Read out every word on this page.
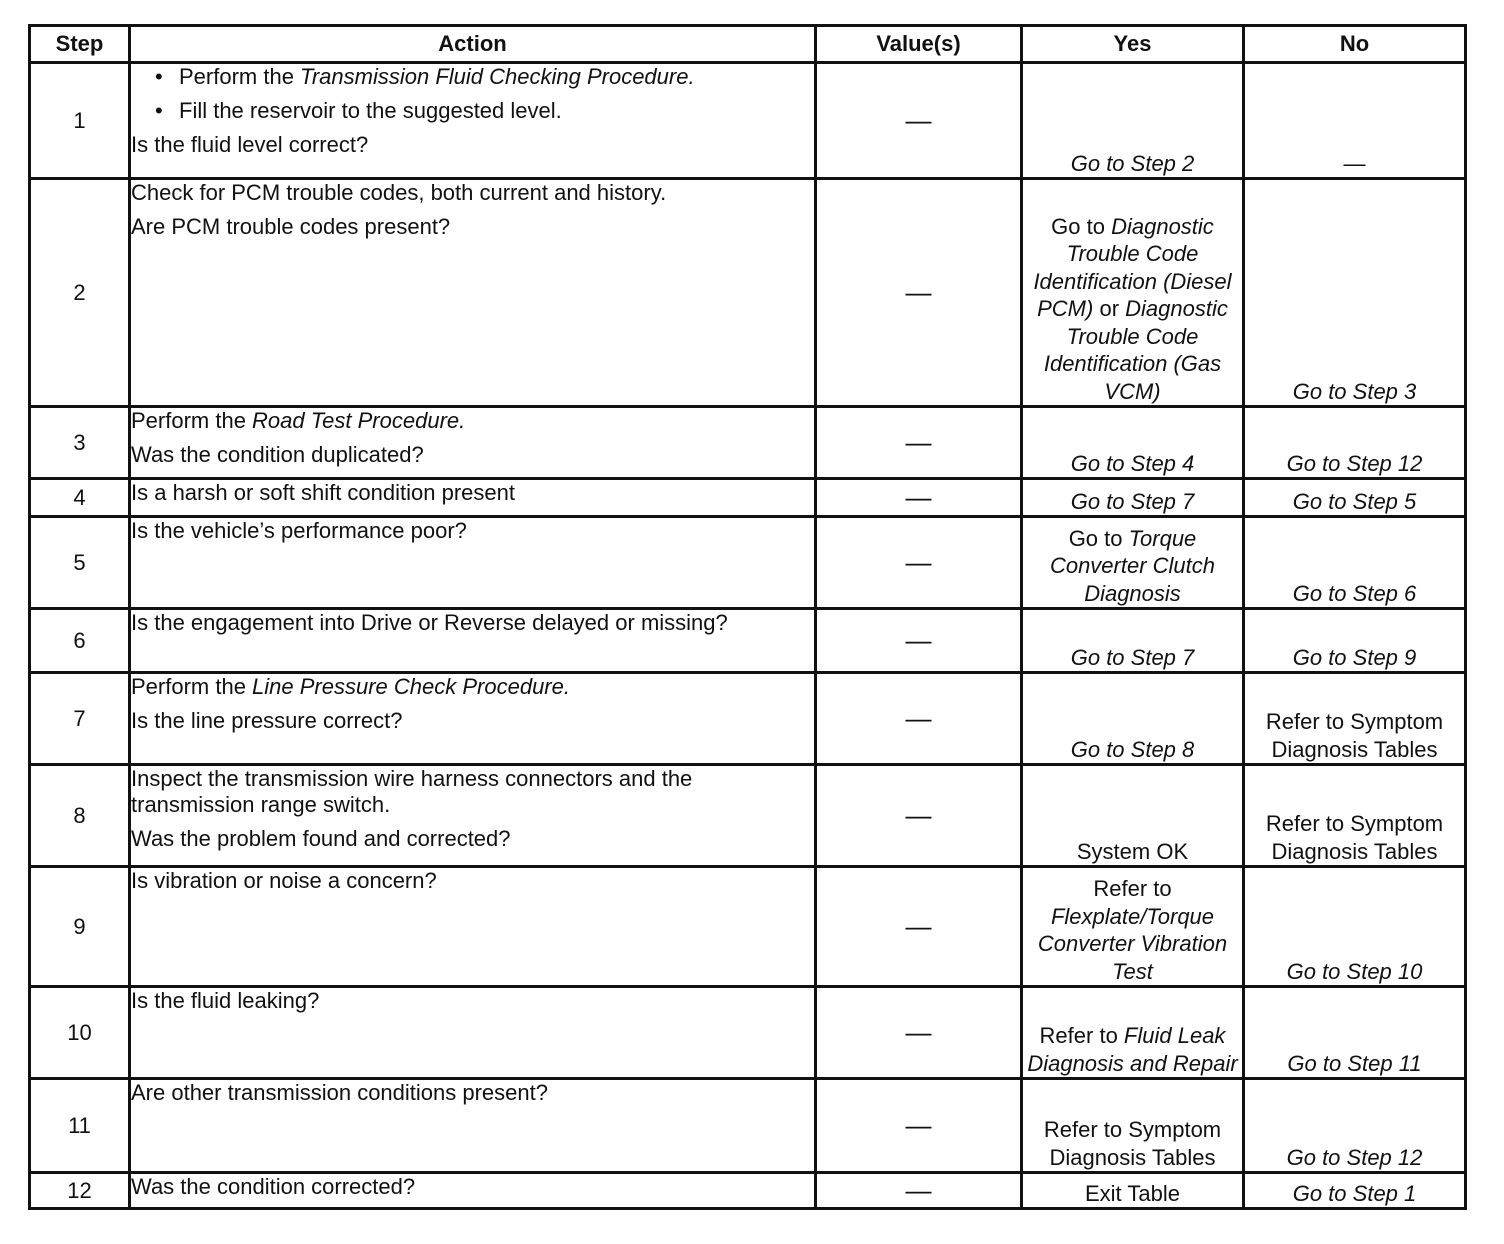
Step	Action	Value(s)	Yes	No
1	• Perform the Transmission Fluid Checking Procedure.
• Fill the reservoir to the suggested level.
Is the fluid level correct?	—	Go to Step 2	—
2	Check for PCM trouble codes, both current and history.
Are PCM trouble codes present?	—	Go to Diagnostic Trouble Code Identification (Diesel PCM) or Diagnostic Trouble Code Identification (Gas VCM)	Go to Step 3
3	Perform the Road Test Procedure.
Was the condition duplicated?	—	Go to Step 4	Go to Step 12
4	Is a harsh or soft shift condition present	—	Go to Step 7	Go to Step 5
5	Is the vehicle’s performance poor?	—	Go to Torque Converter Clutch Diagnosis	Go to Step 6
6	Is the engagement into Drive or Reverse delayed or missing?	—	Go to Step 7	Go to Step 9
7	Perform the Line Pressure Check Procedure.
Is the line pressure correct?	—	Go to Step 8	Refer to Symptom Diagnosis Tables
8	Inspect the transmission wire harness connectors and the transmission range switch.
Was the problem found and corrected?	—	System OK	Refer to Symptom Diagnosis Tables
9	Is vibration or noise a concern?	—	Refer to Flexplate/Torque Converter Vibration Test	Go to Step 10
10	Is the fluid leaking?	—	Refer to Fluid Leak Diagnosis and Repair	Go to Step 11
11	Are other transmission conditions present?	—	Refer to Symptom Diagnosis Tables	Go to Step 12
12	Was the condition corrected?	—	Exit Table	Go to Step 1
